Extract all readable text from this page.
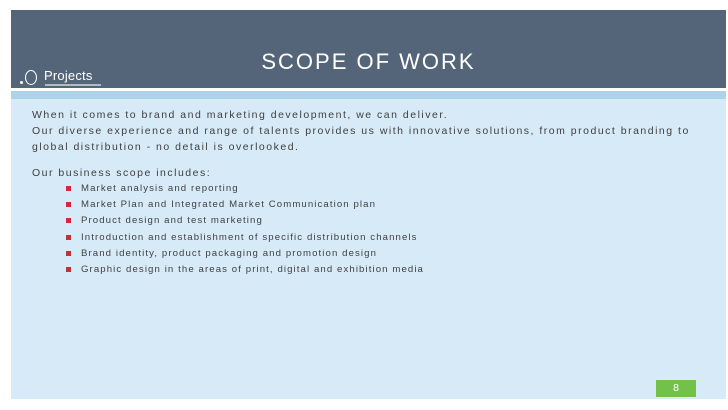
SCOPE OF WORK
Projects
When it comes to brand and marketing development, we can deliver.
Our diverse experience and range of talents provides us with innovative solutions, from product branding to global distribution - no detail is overlooked.
Our business scope includes:
Market analysis and reporting
Market Plan and Integrated Market Communication plan
Product design and test marketing
Introduction and establishment of specific distribution channels
Brand identity, product packaging and promotion design
Graphic design in the areas of print, digital and exhibition media
8
